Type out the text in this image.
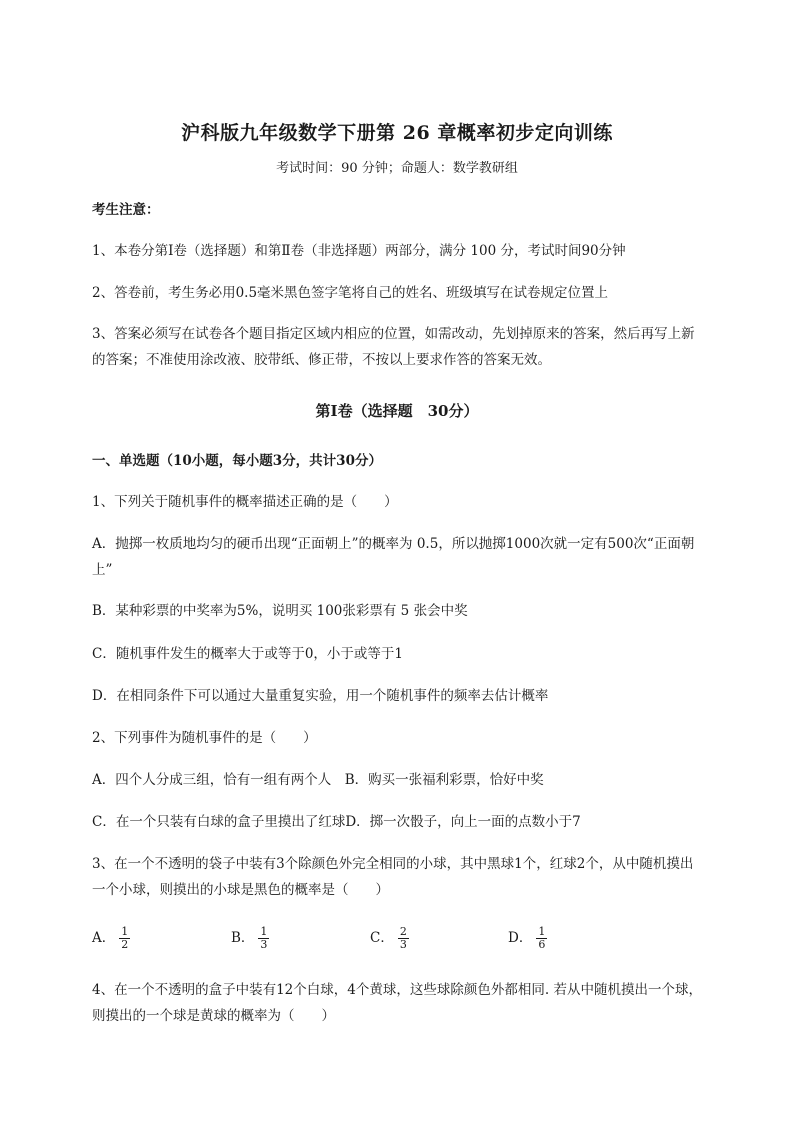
沪科版九年级数学下册第 26 章概率初步定向训练
考试时间：90 分钟；命题人：数学教研组
考生注意：
1、本卷分第Ⅰ卷（选择题）和第Ⅱ卷（非选择题）两部分，满分 100 分，考试时间90分钟
2、答卷前，考生务必用0.5毫米黑色签字笔将自己的姓名、班级填写在试卷规定位置上
3、答案必须写在试卷各个题目指定区域内相应的位置，如需改动，先划掉原来的答案，然后再写上新的答案；不准使用涂改液、胶带纸、修正带，不按以上要求作答的答案无效。
第Ⅰ卷（选择题　30分）
一、单选题（10小题，每小题3分，共计30分）
1、下列关于随机事件的概率描述正确的是（　　）
A．抛掷一枚质地均匀的硬币出现“正面朝上”的概率为 0.5，所以抛掷1000次就一定有500次“正面朝上”
B．某种彩票的中奖率为5%，说明买 100张彩票有 5 张会中奖
C．随机事件发生的概率大于或等于0，小于或等于1
D．在相同条件下可以通过大量重复实验，用一个随机事件的频率去估计概率
2、下列事件为随机事件的是（　　）
A．四个人分成三组，恰有一组有两个人　B．购买一张福利彩票，恰好中奖
C．在一个只装有白球的盒子里摸出了红球D．掷一次骰子，向上一面的点数小于7
3、在一个不透明的袋子中装有3个除颜色外完全相同的小球，其中黑球1个，红球2个，从中随机摸出一个小球，则摸出的小球是黑色的概率是（　　）
A． $\frac{1}{2}$	B． $\frac{1}{3}$	C． $\frac{2}{3}$	D． $\frac{1}{6}$
4、在一个不透明的盒子中装有12个白球，4个黄球，这些球除颜色外都相同. 若从中随机摸出一个球，则摸出的一个球是黄球的概率为（　　）
